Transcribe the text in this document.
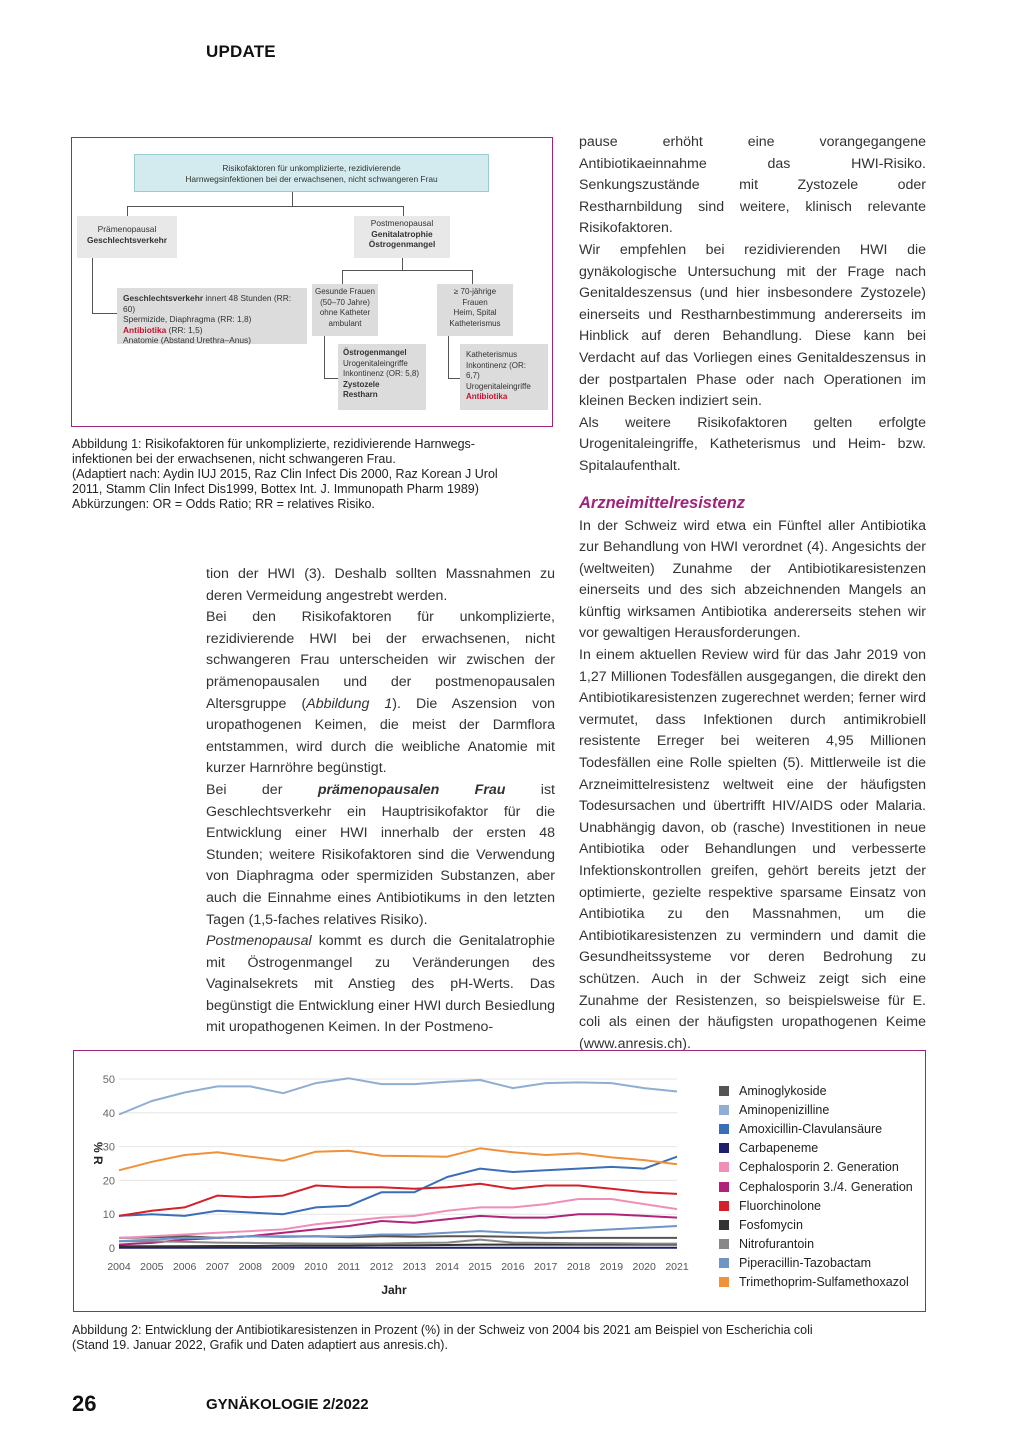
UPDATE
Risikofaktoren für unkomplizierte, rezidivierende
Harnwegsinfektionen bei der erwachsenen, nicht schwangeren Frau
Prämenopausal
Geschlechtsverkehr
Postmenopausal
Genitalatrophie
Östrogenmangel
Geschlechtsverkehr innert 48 Stunden (RR: 60)
Spermizide, Diaphragma (RR: 1,8)
Antibiotika (RR: 1,5)
Anatomie (Abstand Urethra–Anus)
Gesunde Frauen
(50–70 Jahre)
ohne Katheter
ambulant
≥ 70-jährige
Frauen
Heim, Spital
Katheterismus
Östrogenmangel
Urogenitaleingriffe
Inkontinenz (OR: 5,8)
Zystozele
Restharn
Katheterismus
Inkontinenz (OR: 6,7)
Urogenitaleingriffe
Antibiotika
Abbildung 1: Risikofaktoren für unkomplizierte, rezidivierende Harnwegs-
infektionen bei der erwachsenen, nicht schwangeren Frau.
(Adaptiert nach: Aydin IUJ 2015, Raz Clin Infect Dis 2000, Raz Korean J Urol
2011, Stamm Clin Infect Dis1999, Bottex Int. J. Immunopath Pharm 1989)
Abkürzungen: OR = Odds Ratio; RR = relatives Risiko.

tion der HWI (3). Deshalb sollten Massnahmen zu deren Vermeidung angestrebt werden.

Bei den Risikofaktoren für unkomplizierte, rezidivierende HWI bei der erwachsenen, nicht schwangeren Frau unterscheiden wir zwischen der prämenopausalen und der postmenopausalen Altersgruppe (Abbildung 1). Die Aszension von uropathogenen Keimen, die meist der Darmflora entstammen, wird durch die weibliche Anatomie mit kurzer Harnröhre begünstigt.

Bei der prämenopausalen Frau ist Geschlechtsverkehr ein Hauptrisikofaktor für die Entwicklung einer HWI innerhalb der ersten 48 Stunden; weitere Risikofaktoren sind die Verwendung von Diaphragma oder spermiziden Substanzen, aber auch die Einnahme eines Antibiotikums in den letzten Tagen (1,5-faches relatives Risiko).

Postmenopausal kommt es durch die Genitalatrophie mit Östrogenmangel zu Veränderungen des Vaginalsekrets mit Anstieg des pH-Werts. Das begünstigt die Entwicklung einer HWI durch Besiedlung mit uropathogenen Keimen. In der Postmeno-

pause erhöht eine vorangegangene Antibiotikaeinnahme das HWI-Risiko. Senkungszustände mit Zystozele oder Restharnbildung sind weitere, klinisch relevante Risikofaktoren.

Wir empfehlen bei rezidivierenden HWI die gynäkologische Untersuchung mit der Frage nach Genitaldeszensus (und hier insbesondere Zystozele) einerseits und Restharnbestimmung andererseits im Hinblick auf deren Behandlung. Diese kann bei Verdacht auf das Vorliegen eines Genitaldeszensus in der postpartalen Phase oder nach Operationen im kleinen Becken indiziert sein.

Als weitere Risikofaktoren gelten erfolgte Urogenitaleingriffe, Katheterismus und Heim- bzw. Spitalaufenthalt.

Arzneimittelresistenz

In der Schweiz wird etwa ein Fünftel aller Antibiotika zur Behandlung von HWI verordnet (4). Angesichts der (weltweiten) Zunahme der Antibiotikaresistenzen einerseits und des sich abzeichnenden Mangels an künftig wirksamen Antibiotika andererseits stehen wir vor gewaltigen Herausforderungen.

In einem aktuellen Review wird für das Jahr 2019 von 1,27 Millionen Todesfällen ausgegangen, die direkt den Antibiotikaresistenzen zugerechnet werden; ferner wird vermutet, dass Infektionen durch antimikrobiell resistente Erreger bei weiteren 4,95 Millionen Todesfällen eine Rolle spielten (5). Mittlerweile ist die Arzneimittelresistenz weltweit eine der häufigsten Todesursachen und übertrifft HIV/AIDS oder Malaria. Unabhängig davon, ob (rasche) Investitionen in neue Antibiotika oder Behandlungen und verbesserte Infektionskontrollen greifen, gehört bereits jetzt der optimierte, gezielte respektive sparsame Einsatz von Antibiotika zu den Massnahmen, um die Antibiotikaresistenzen zu vermindern und damit die Gesundheitssysteme vor deren Bedrohung zu schützen. Auch in der Schweiz zeigt sich eine Zunahme der Resistenzen, so beispielsweise für E. coli als einen der häufigsten uropathogenen Keime (www.anresis.ch).

0
10
20
30
40
50
2004 2005 2006 2007 2008 2009 2010 2011 2012 2013 2014 2015 2016 2017 2018 2019 2020 2021
% R
Jahr
Aminoglykoside
Aminopenizilline
Amoxicillin-Clavulansäure
Carbapeneme
Cephalosporin 2. Generation
Cephalosporin 3./4. Generation
Fluorchinolone
Fosfomycin
Nitrofurantoin
Piperacillin-Tazobactam
Trimethoprim-Sulfamethoxazol
Abbildung 2: Entwicklung der Antibiotikaresistenzen in Prozent (%) in der Schweiz von 2004 bis 2021 am Beispiel von Escherichia coli
(Stand 19. Januar 2022, Grafik und Daten adaptiert aus anresis.ch).
26	GYNÄKOLOGIE 2/2022
